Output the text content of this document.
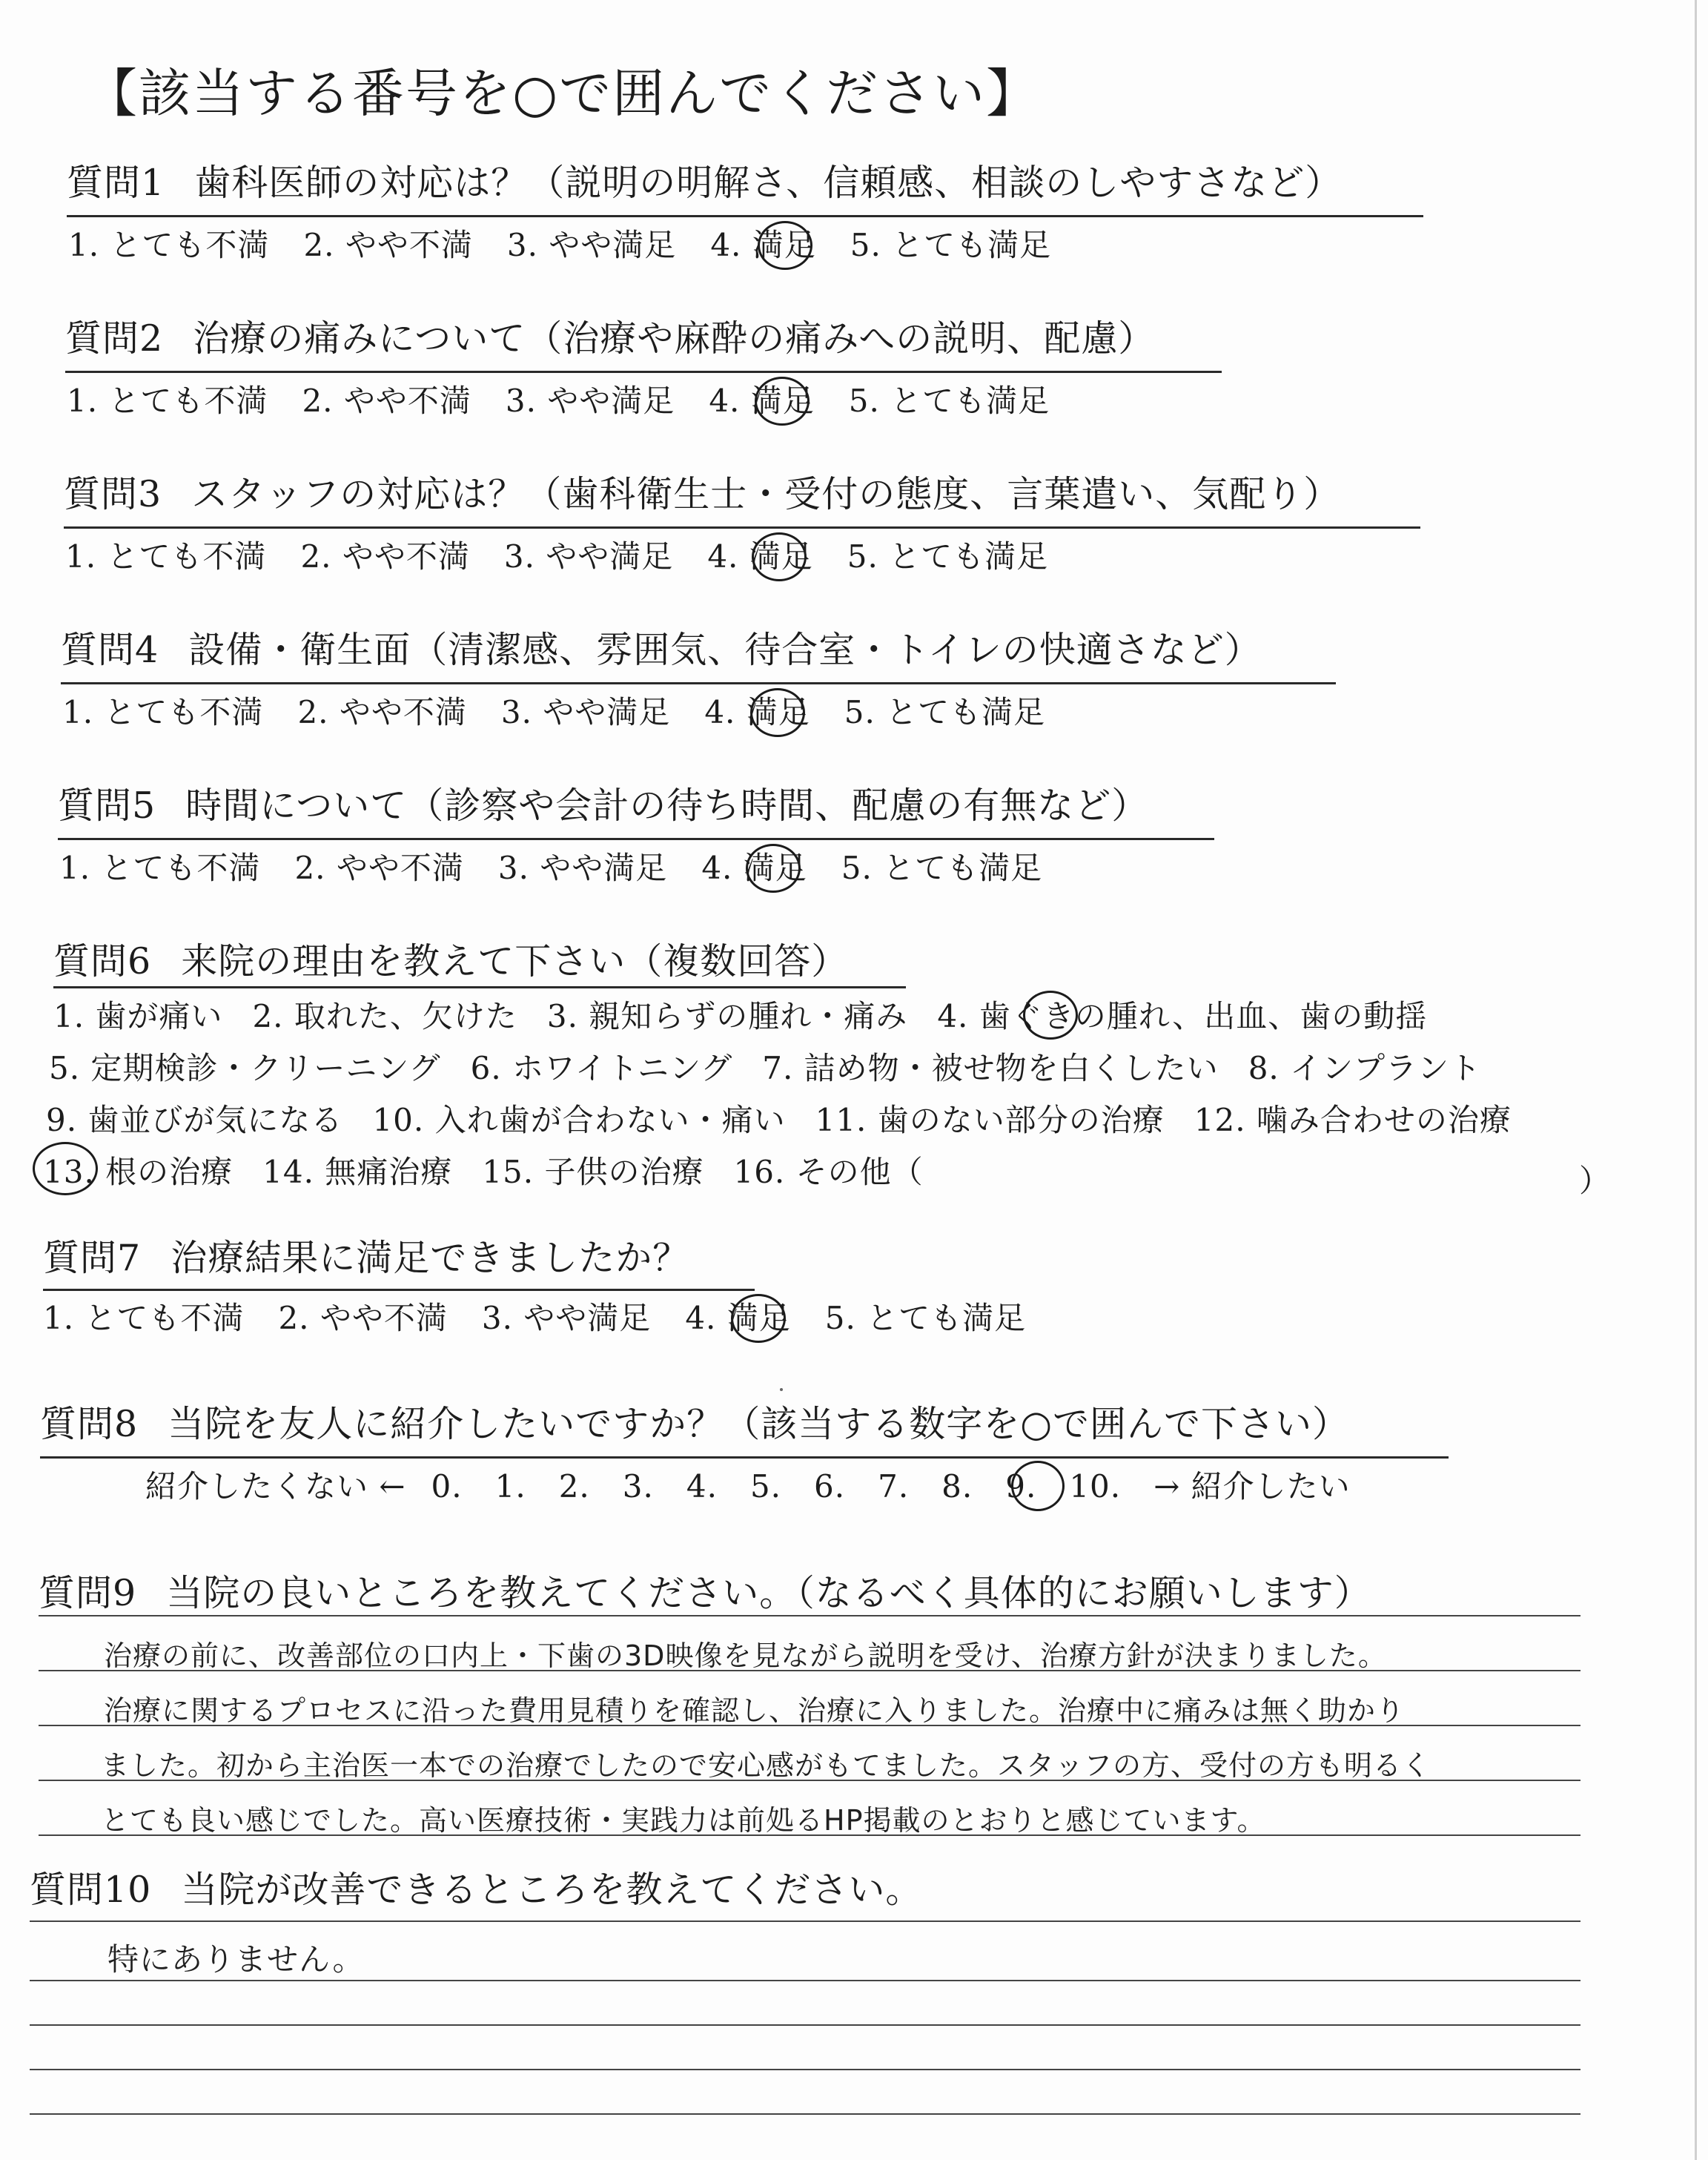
【該当する番号を○で囲んでください】
質問1 歯科医師の対応は？（説明の明解さ、信頼感、相談のしやすさなど）
1. とても不満 2. やや不満 3. やや満足 4. 満足 5. とても満足
質問2 治療の痛みについて（治療や麻酔の痛みへの説明、配慮）
1. とても不満 2. やや不満 3. やや満足 4. 満足 5. とても満足
質問3 スタッフの対応は？（歯科衛生士・受付の態度、言葉遣い、気配り）
1. とても不満 2. やや不満 3. やや満足 4. 満足 5. とても満足
質問4 設備・衛生面（清潔感、雰囲気、待合室・トイレの快適さなど）
1. とても不満 2. やや不満 3. やや満足 4. 満足 5. とても満足
質問5 時間について（診察や会計の待ち時間、配慮の有無など）
1. とても不満 2. やや不満 3. やや満足 4. 満足 5. とても満足
質問6 来院の理由を教えて下さい（複数回答）
1. 歯が痛い 2. 取れた、欠けた 3. 親知らずの腫れ・痛み 4. 歯ぐきの腫れ、出血、歯の動揺
5. 定期検診・クリーニング 6. ホワイトニング 7. 詰め物・被せ物を白くしたい 8. インプラント
9. 歯並びが気になる 10. 入れ歯が合わない・痛い 11. 歯のない部分の治療 12. 噛み合わせの治療
13. 根の治療 14. 無痛治療 15. 子供の治療 16. その他（	）
質問7 治療結果に満足できましたか？
1. とても不満 2. やや不満 3. やや満足 4. 満足 5. とても満足
質問8 当院を友人に紹介したいですか？（該当する数字を○で囲んで下さい）
紹介したくない ← 0. 1. 2. 3. 4. 5. 6. 7. 8. 9. 10. → 紹介したい
質問9 当院の良いところを教えてください。（なるべく具体的にお願いします）
治療の前に、改善部位の口内上・下歯の3D映像を見ながら説明を受け、治療方針が決まりました。
治療に関するプロセスに沿った費用見積りを確認し、治療に入りました。治療中に痛みは無く助かり
ました。初から主治医一本での治療でしたので安心感がもてました。スタッフの方、受付の方も明るく
とても良い感じでした。高い医療技術・実践力は前処るHP掲載のとおりと感じています。
質問10 当院が改善できるところを教えてください。
特にありません。
